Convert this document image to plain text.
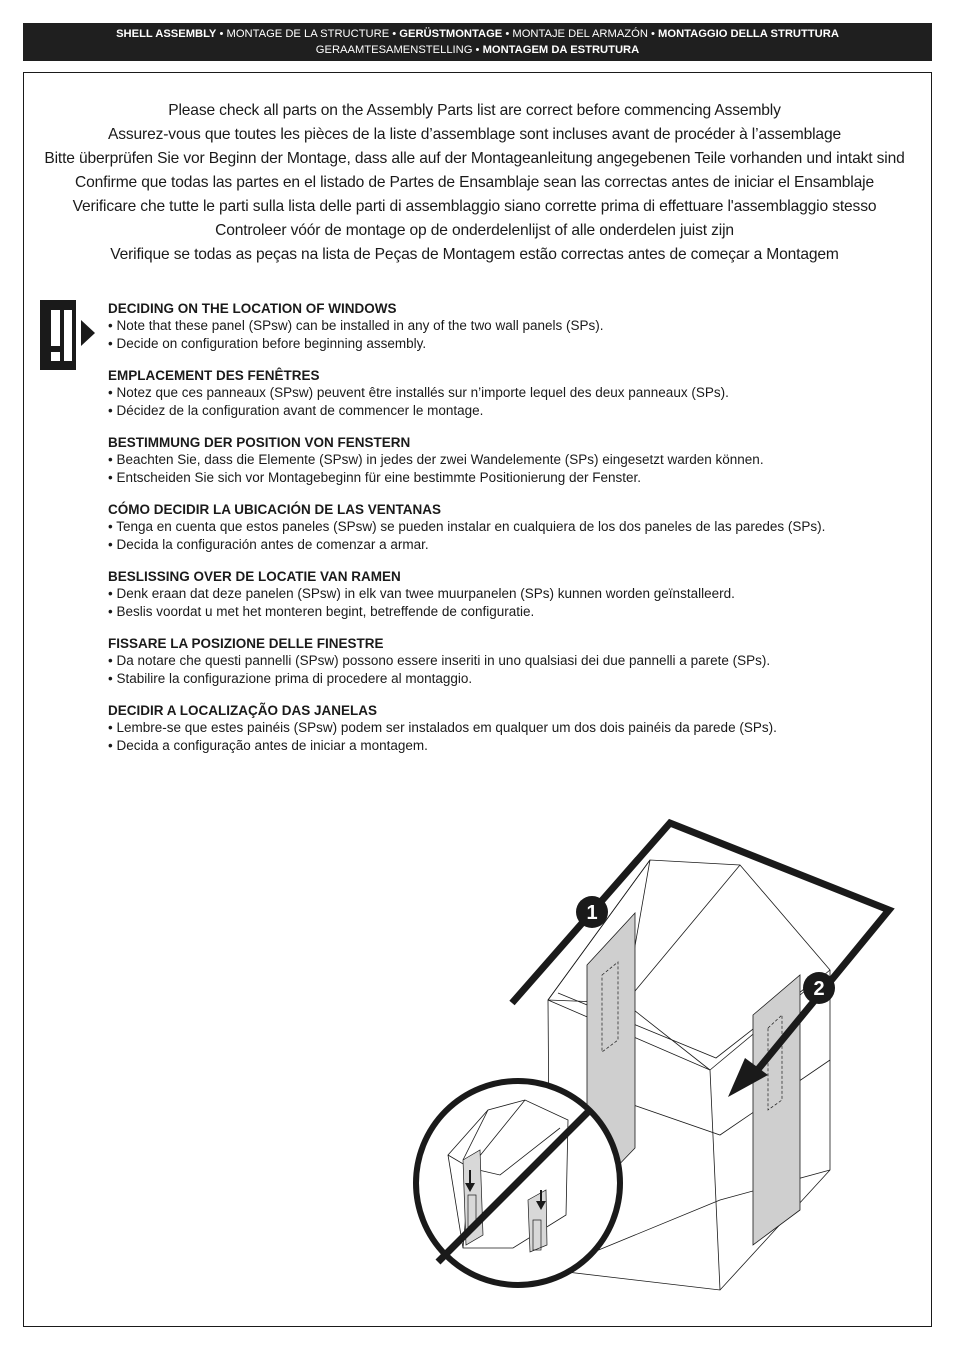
SHELL ASSEMBLY • MONTAGE DE LA STRUCTURE • GERÜSTMONTAGE • MONTAJE DEL ARMAZÓN • MONTAGGIO DELLA STRUTTURA
GERAAMTESAMENSTELLING • MONTAGEM DA ESTRUTURA
Please check all parts on the Assembly Parts list are correct before commencing Assembly
Assurez-vous que toutes les pièces de la liste d’assemblage sont incluses avant de procéder à l’assemblage
Bitte überprüfen Sie vor Beginn der Montage, dass alle auf der Montageanleitung angegebenen Teile vorhanden und intakt sind
Confirme que todas las partes en el listado de Partes de Ensamblaje sean las correctas antes de iniciar el Ensamblaje
Verificare che tutte le parti sulla lista delle parti di assemblaggio siano corrette prima di effettuare l'assemblaggio stesso
Controleer vóór de montage op de onderdelenlijst of alle onderdelen juist zijn
Verifique se todas as peças na lista de Peças de Montagem estão correctas antes de começar a Montagem
DECIDING ON THE LOCATION OF WINDOWS
• Note that these panel (SPsw) can be installed in any of the two wall panels (SPs).
• Decide on configuration before beginning assembly.
EMPLACEMENT DES FENÊTRES
• Notez que ces panneaux (SPsw) peuvent être installés sur n’importe lequel des deux panneaux (SPs).
• Décidez de la configuration avant de commencer le montage.
BESTIMMUNG DER POSITION VON FENSTERN
• Beachten Sie, dass die Elemente (SPsw) in jedes der zwei Wandelemente (SPs) eingesetzt warden können.
• Entscheiden Sie sich vor Montagebeginn für eine bestimmte Positionierung der Fenster.
CÓMO DECIDIR LA UBICACIÓN DE LAS VENTANAS
• Tenga en cuenta que estos paneles (SPsw) se pueden instalar en cualquiera de los dos paneles de las paredes (SPs).
• Decida la configuración antes de comenzar a armar.
BESLISSING OVER DE LOCATIE VAN RAMEN
• Denk eraan dat deze panelen (SPsw) in elk van twee muurpanelen (SPs) kunnen worden geïnstalleerd.
• Beslis voordat u met het monteren begint, betreffende de configuratie.
FISSARE LA POSIZIONE DELLE FINESTRE
• Da notare che questi pannelli (SPsw) possono essere inseriti in uno qualsiasi dei due pannelli a parete (SPs).
• Stabilire la configurazione prima di procedere al montaggio.
DECIDIR A LOCALIZAÇÃO DAS JANELAS
• Lembre-se que estes painéis (SPsw) podem ser instalados em qualquer um dos dois painéis da parede (SPs).
• Decida a configuração antes de iniciar a montagem.
1
2
